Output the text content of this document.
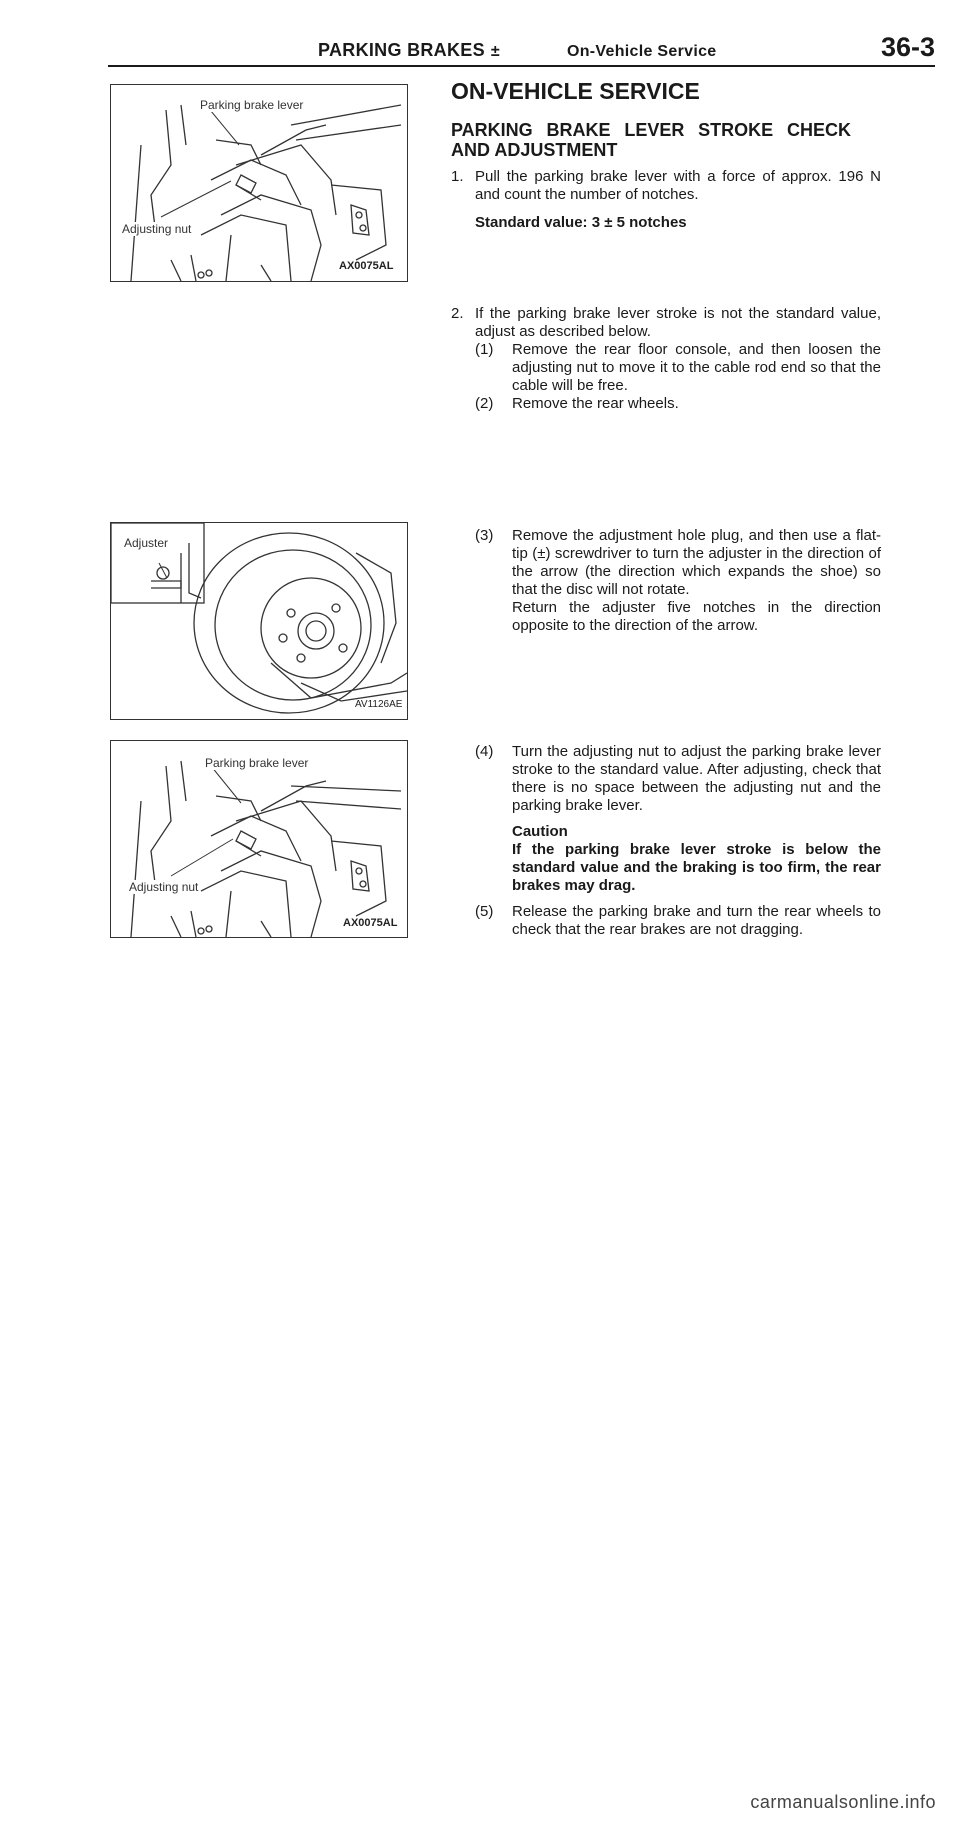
PARKING BRAKES ±	On-Vehicle Service	36-3
Parking brake lever
Adjusting nut
AX0075AL
ON-VEHICLE SERVICE
PARKING BRAKE LEVER STROKE CHECK AND ADJUSTMENT
1. Pull the parking brake lever with a force of approx. 196 N and count the number of notches.
Standard value: 3 ± 5 notches
2. If the parking brake lever stroke is not the standard value, adjust as described below.
(1) Remove the rear floor console, and then loosen the adjusting nut to move it to the cable rod end so that the cable will be free.
(2) Remove the rear wheels.
Adjuster
AV1126AE
(3) Remove the adjustment hole plug, and then use a flat-tip (±) screwdriver to turn the adjuster in the direction of the arrow (the direction which expands the shoe) so that the disc will not rotate.
Return the adjuster five notches in the direction opposite to the direction of the arrow.
Parking brake lever
Adjusting nut
AX0075AL
(4) Turn the adjusting nut to adjust the parking brake lever stroke to the standard value. After adjusting, check that there is no space between the adjusting nut and the parking brake lever.
Caution
If the parking brake lever stroke is below the standard value and the braking is too firm, the rear brakes may drag.
(5) Release the parking brake and turn the rear wheels to check that the rear brakes are not dragging.
carmanualsonline.info
